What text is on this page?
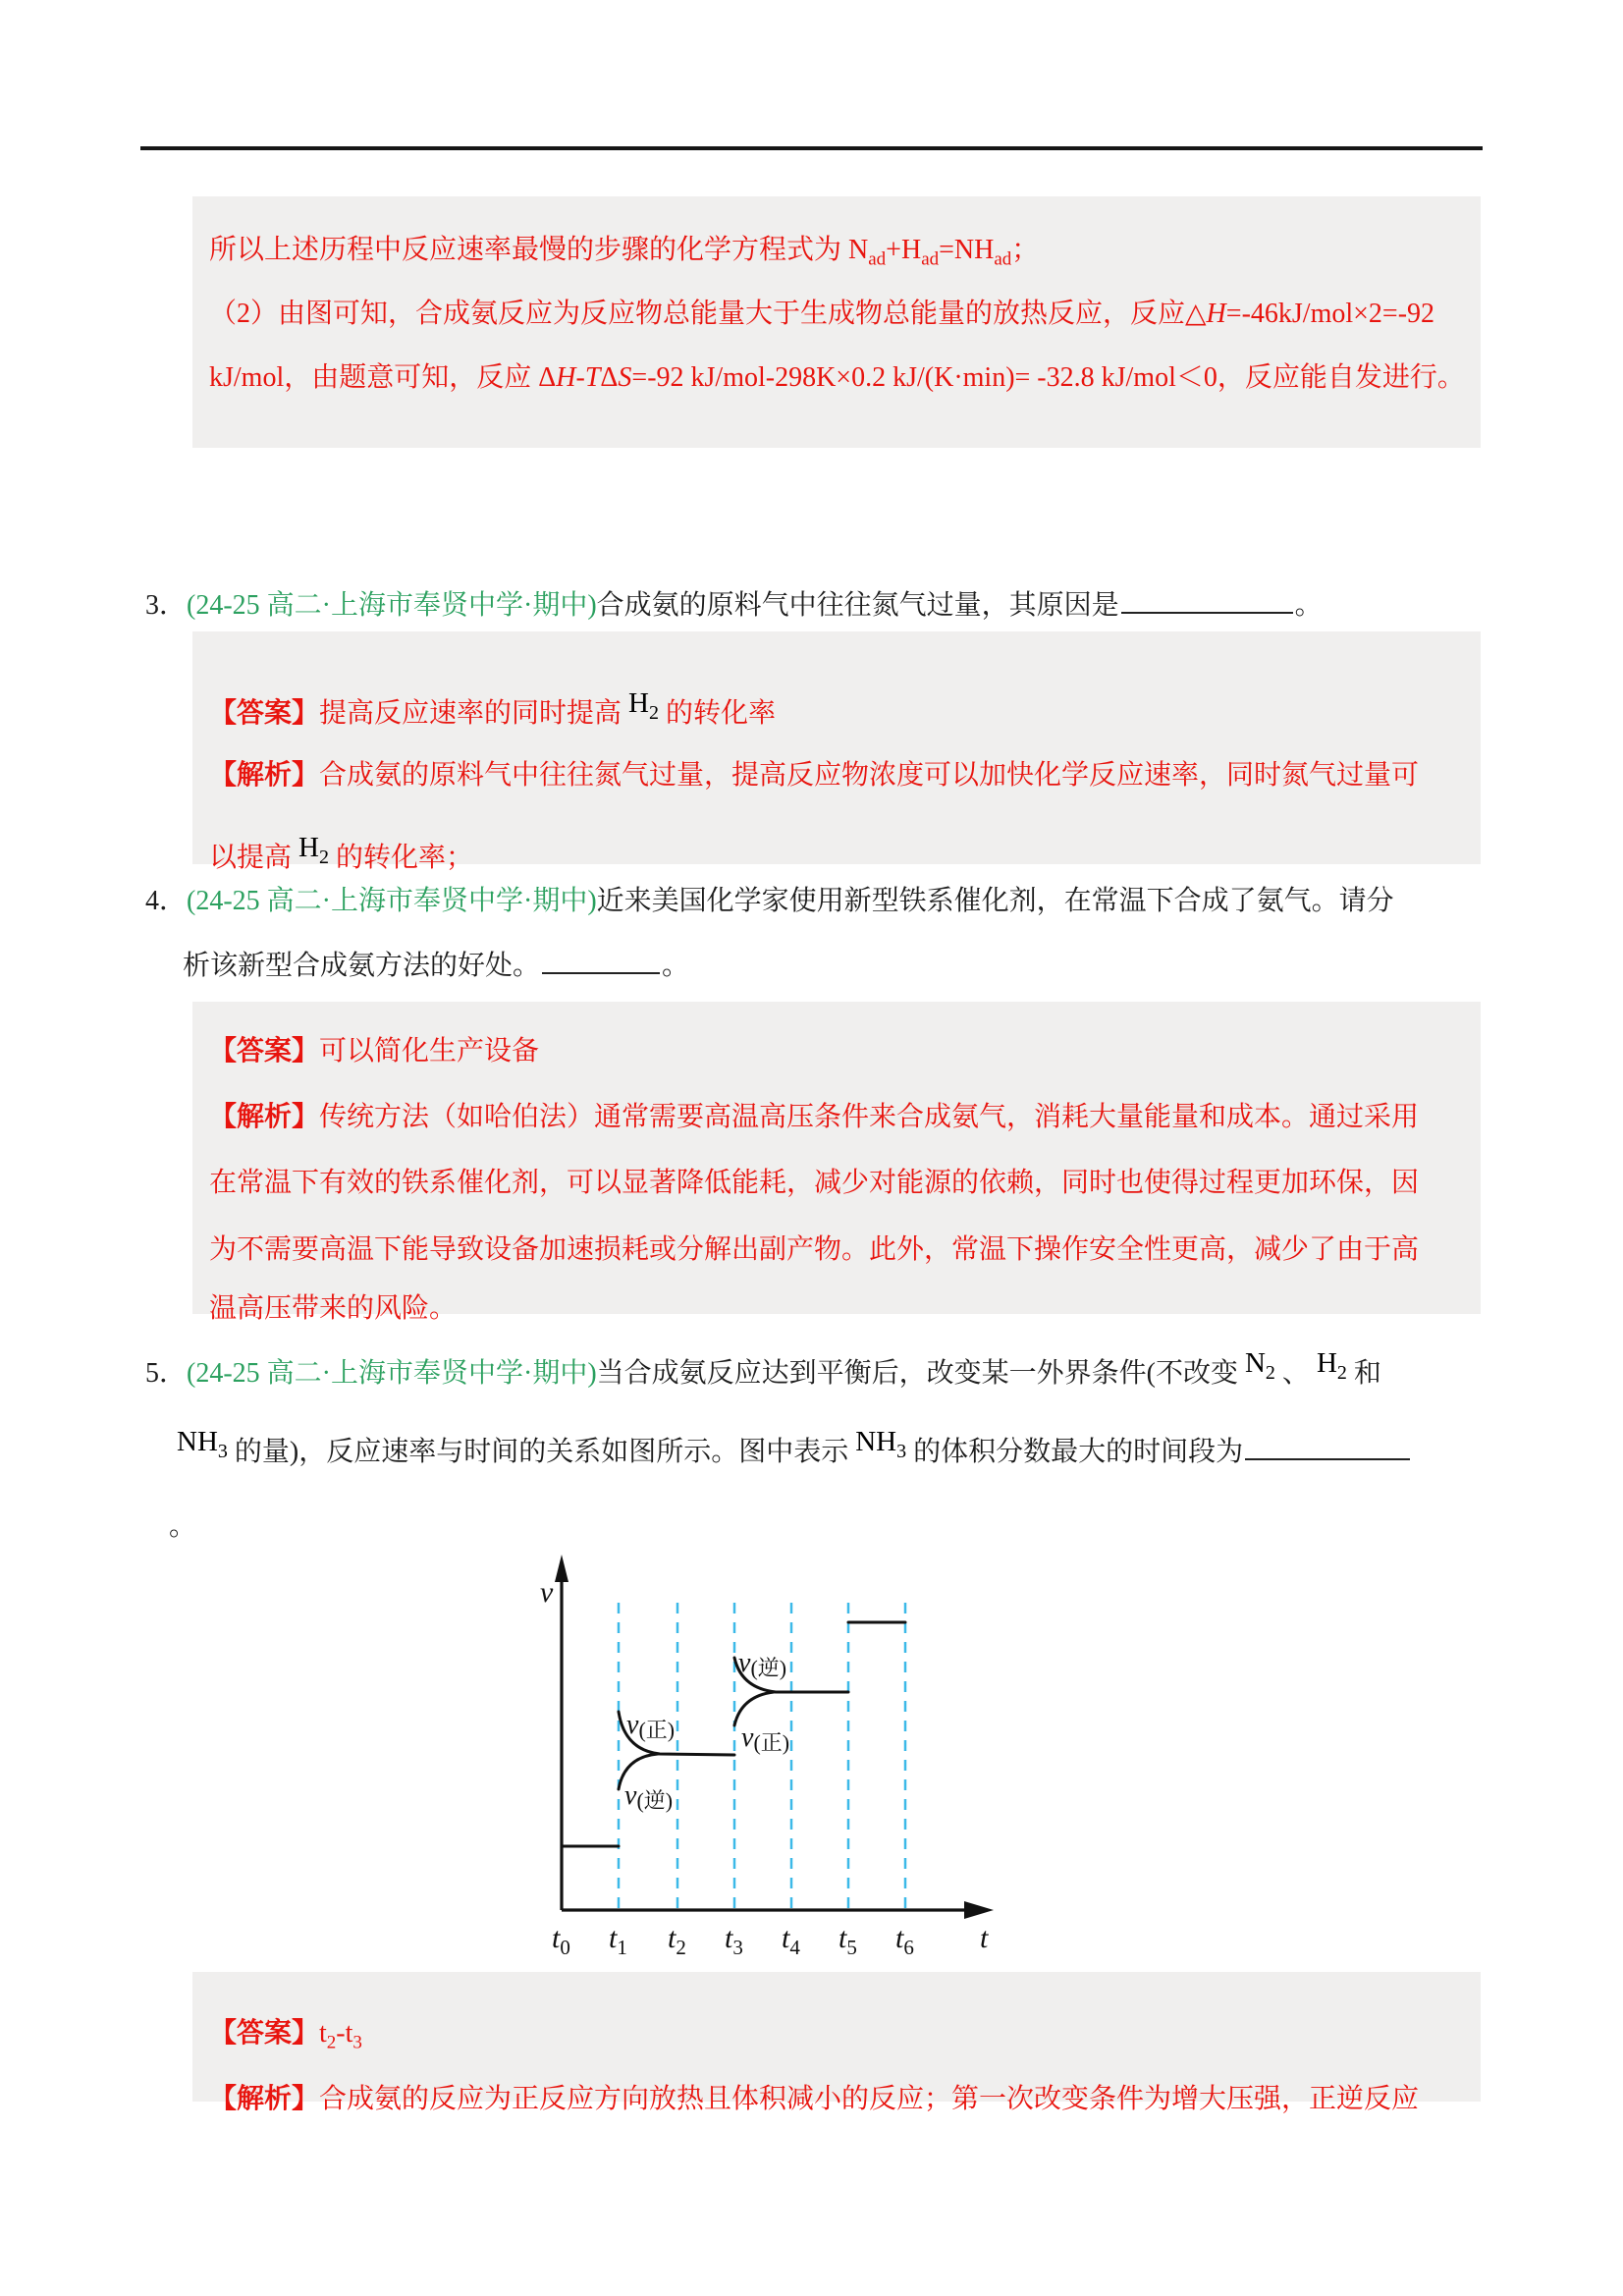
所以上述历程中反应速率最慢的步骤的化学方程式为 $N_{ad}+H_{ad}=NH_{ad}$；

（2）由图可知，合成氨反应为反应物总能量大于生成物总能量的放热反应，反应△H=-46kJ/mol×2=-92

kJ/mol，由题意可知，反应 ΔH-TΔS=-92 kJ/mol-298K×0.2 kJ/(K·min)= -32.8 kJ/mol＜0，反应能自发进行。

3．(24-25 高二·上海市奉贤中学·期中)合成氨的原料气中往往氮气过量，其原因是	。

【答案】提高反应速率的同时提高 $H_2$ 的转化率

【解析】合成氨的原料气中往往氮气过量，提高反应物浓度可以加快化学反应速率，同时氮气过量可

以提高 $H_2$ 的转化率；

4．(24-25 高二·上海市奉贤中学·期中)近来美国化学家使用新型铁系催化剂，在常温下合成了氨气。请分
析该新型合成氨方法的好处。	。

【答案】可以简化生产设备

【解析】传统方法（如哈伯法）通常需要高温高压条件来合成氨气，消耗大量能量和成本。通过采用

在常温下有效的铁系催化剂，可以显著降低能耗，减少对能源的依赖，同时也使得过程更加环保，因

为不需要高温下能导致设备加速损耗或分解出副产物。此外，常温下操作安全性更高，减少了由于高

温高压带来的风险。

5．(24-25 高二·上海市奉贤中学·期中)当合成氨反应达到平衡后，改变某一外界条件(不改变 $N_2$ 、 $H_2$ 和
$NH_3$ 的量)，反应速率与时间的关系如图所示。图中表示 $NH_3$ 的体积分数最大的时间段为
。
v(正)
v(逆)
v(逆)
v(正)
v
t
$t_0$ $t_1$ $t_2$ $t_3$ $t_4$ $t_5$ $t_6$

【答案】$t_2-t_3$

【解析】合成氨的反应为正反应方向放热且体积减小的反应；第一次改变条件为增大压强，正逆反应
